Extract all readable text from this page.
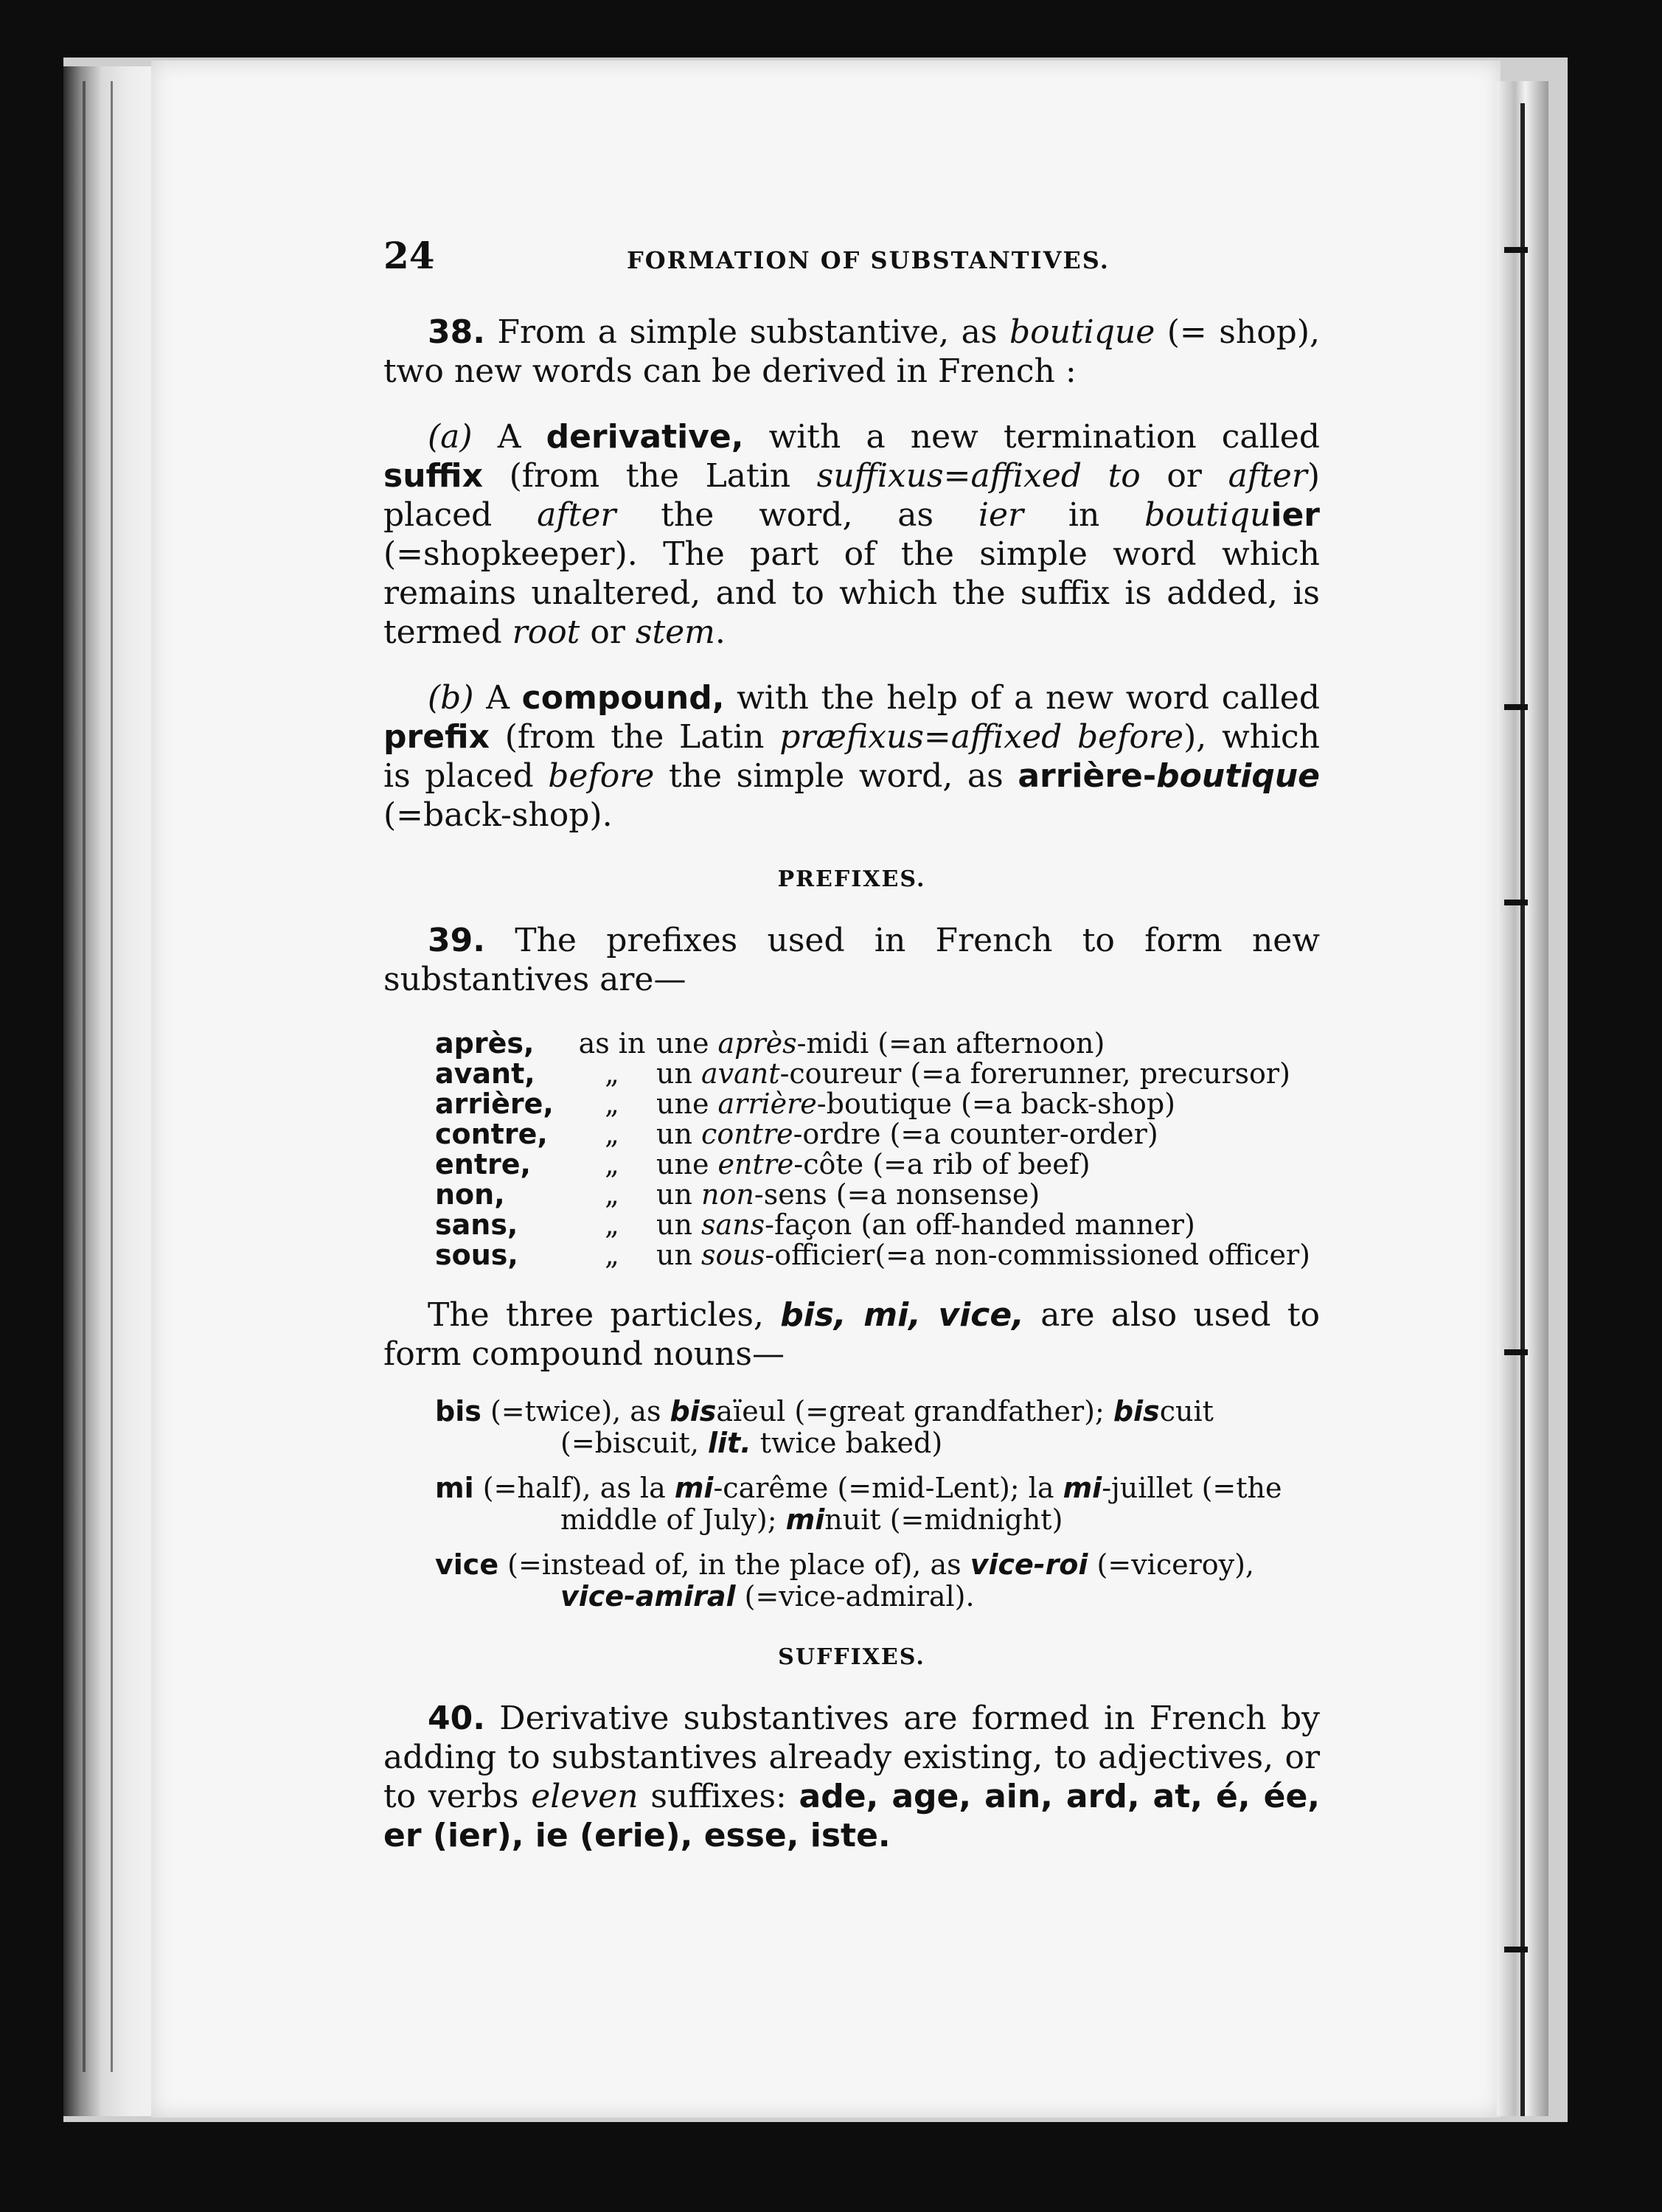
24	FORMATION OF SUBSTANTIVES.

38. From a simple substantive, as boutique (= shop), two new words can be derived in French :

(a) A derivative, with a new termination called suffix (from the Latin suffixus=affixed to or after) placed after the word, as ier in boutiquier (=shopkeeper). The part of the simple word which remains unaltered, and to which the suffix is added, is termed root or stem.

(b) A compound, with the help of a new word called prefix (from the Latin præfixus=affixed before), which is placed before the simple word, as arrière-boutique (=back-shop).

PREFIXES.

39. The prefixes used in French to form new substantives are—

après,	as in	une après-midi (=an afternoon)
avant,	„	un avant-coureur (=a forerunner, precursor)
arrière,	„	une arrière-boutique (=a back-shop)
contre,	„	un contre-ordre (=a counter-order)
entre,	„	une entre-côte (=a rib of beef)
non,	„	un non-sens (=a nonsense)
sans,	„	un sans-façon (an off-handed manner)
sous,	„	un sous-officier(=a non-commissioned officer)

The three particles, bis, mi, vice, are also used to form compound nouns—

bis (=twice), as bisaïeul (=great grandfather); biscuit (=biscuit, lit. twice baked)
mi (=half), as la mi-carême (=mid-Lent); la mi-juillet (=the middle of July); minuit (=midnight)
vice (=instead of, in the place of), as vice-roi (=viceroy), vice-amiral (=vice-admiral).
SUFFIXES.

40. Derivative substantives are formed in French by adding to substantives already existing, to adjectives, or to verbs eleven suffixes: ade, age, ain, ard, at, é, ée, er (ier), ie (erie), esse, iste.
